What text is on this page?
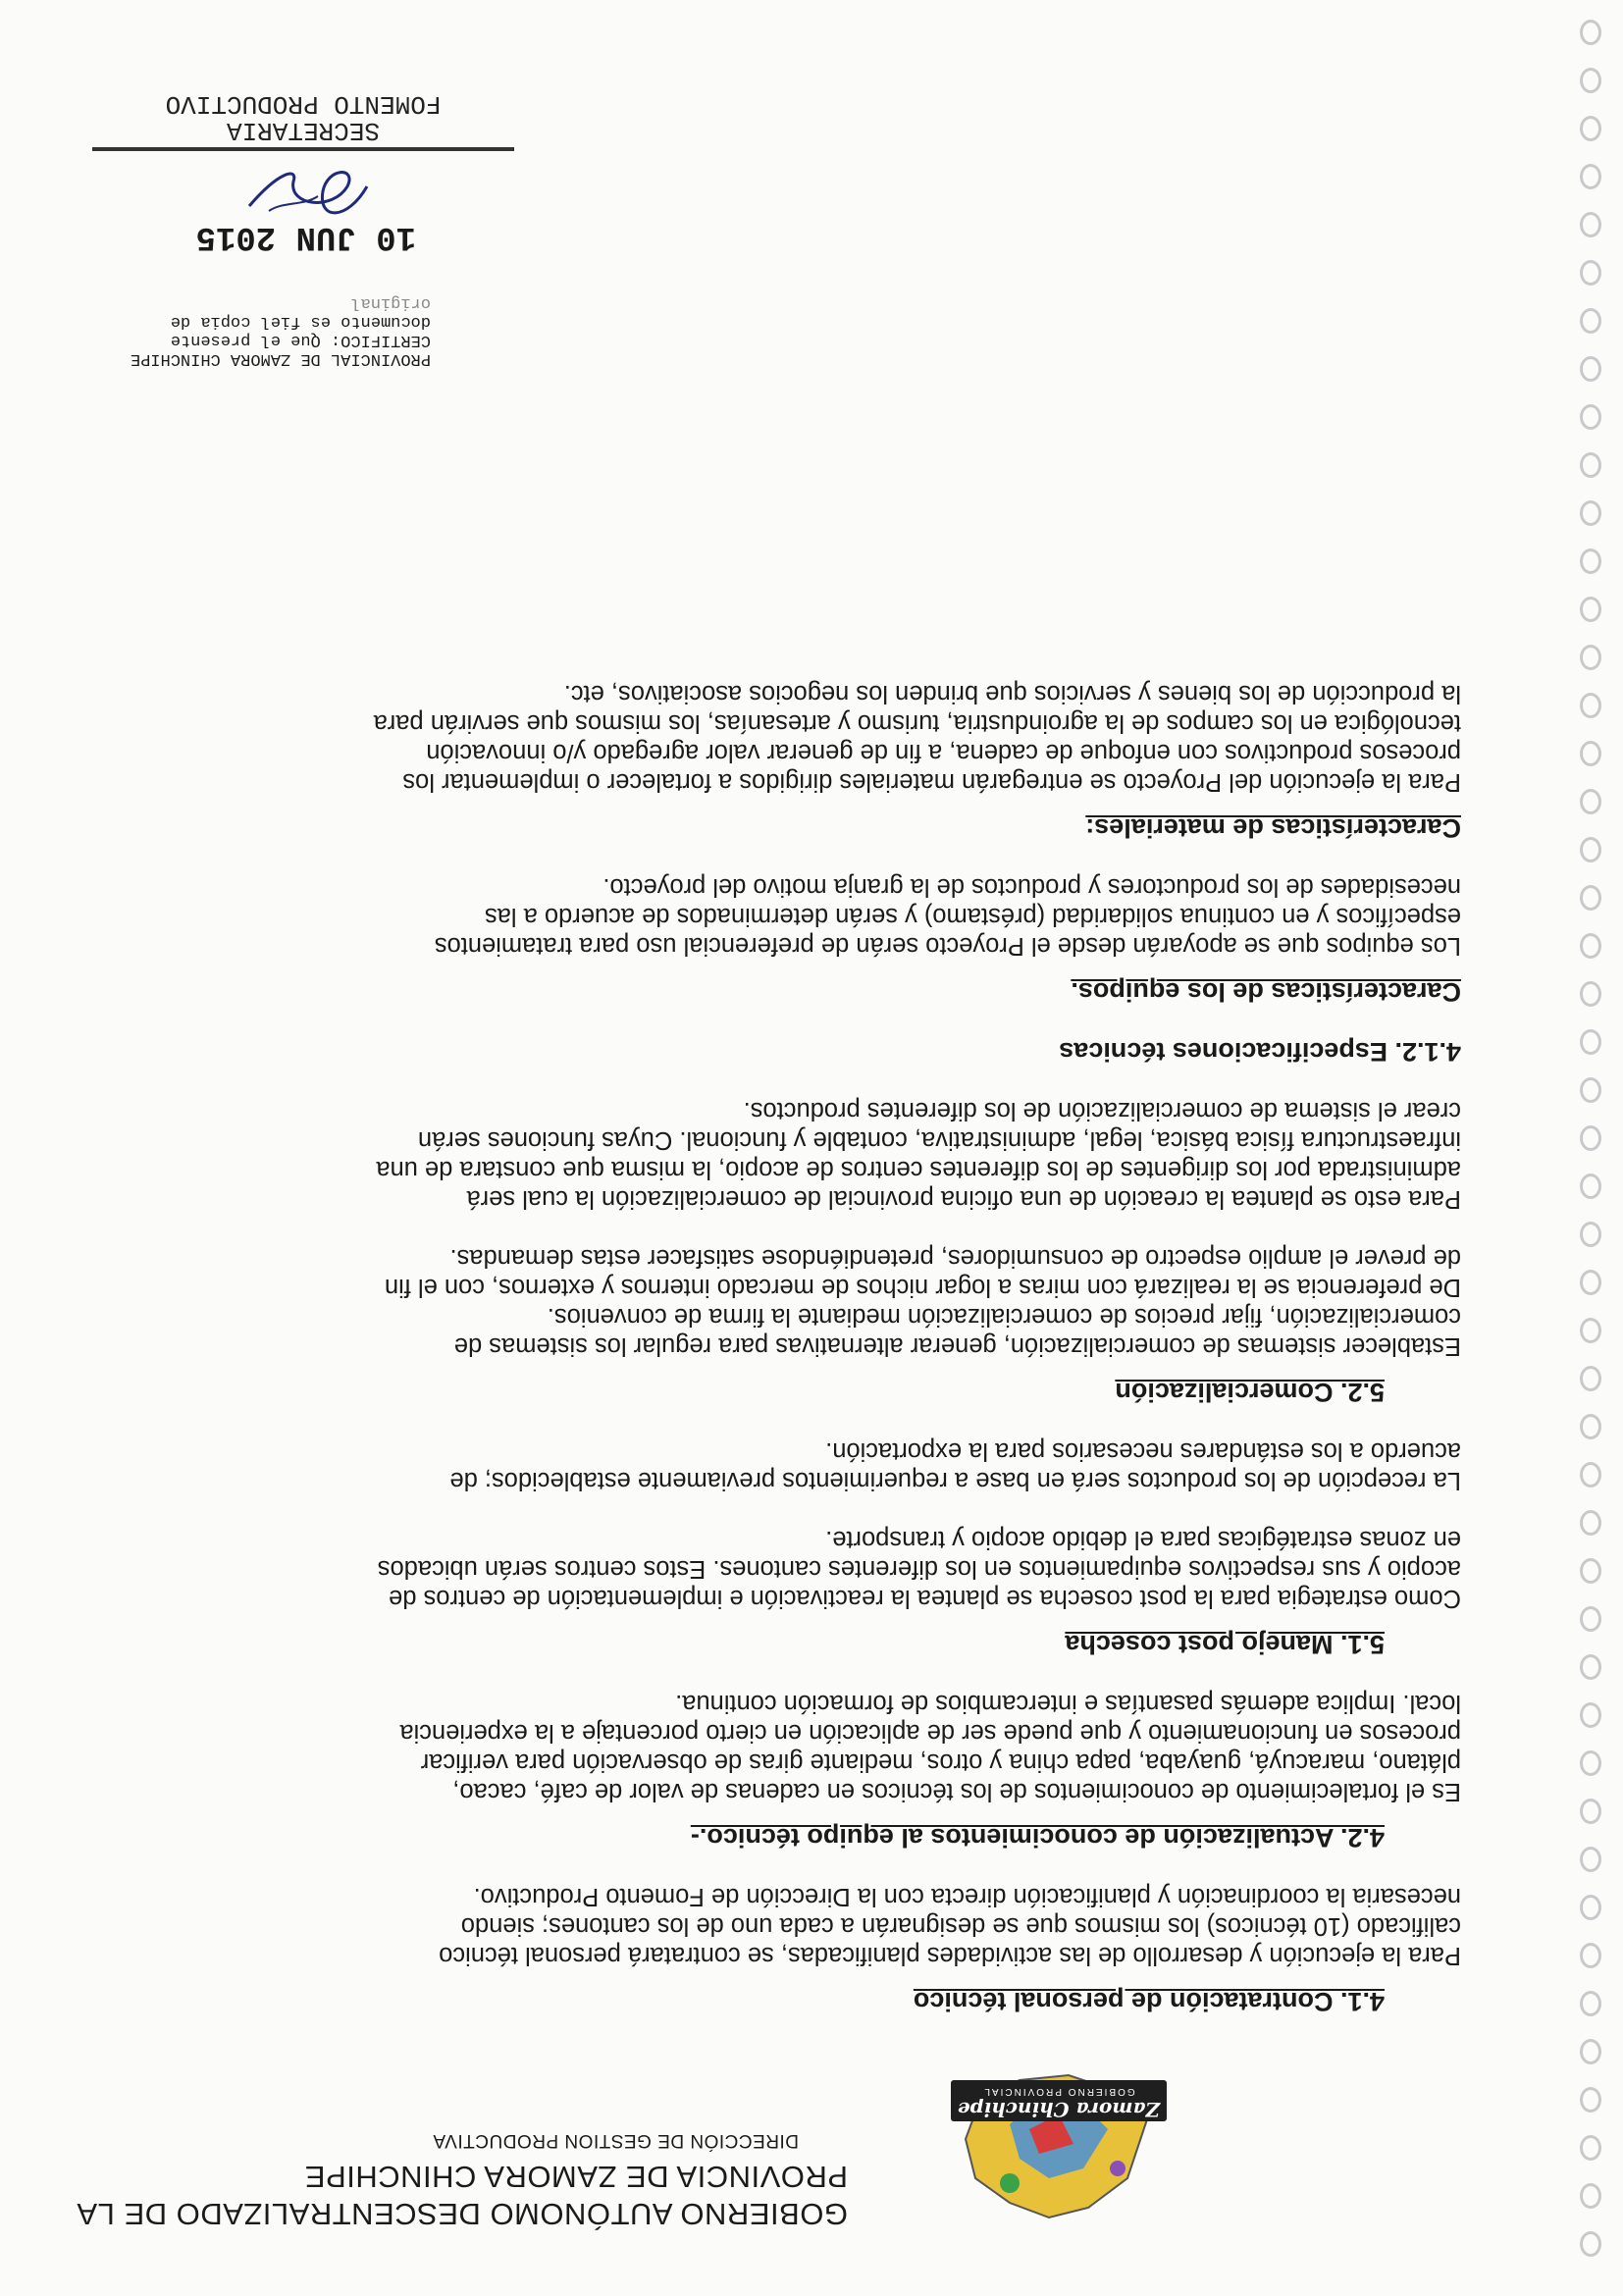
Zamora Chinchipe
GOBIERNO PROVINCIAL
GOBIERNO AUTÓNOMO DESCENTRALIZADO DE LA
PROVINCIA DE ZAMORA CHINCHIPE
DIRECCIÓN DE GESTION PRODUCTIVA
4.1. Contratación de personal técnico
Para la ejecución y desarrollo de las actividades planificadas, se contratará personal técnico
calificado (10 técnicos) los mismos que se designarán a cada uno de los cantones; siendo
necesaria la coordinación y planificación directa con la Dirección de Fomento Productivo.
4.2. Actualización de conocimientos al equipo técnico.-
Es el fortalecimiento de conocimientos de los técnicos en cadenas de valor de café, cacao,
plátano, maracuyá, guayaba, papa china y otros, mediante giras de observación para verificar
procesos en funcionamiento y que puede ser de aplicación en cierto porcentaje a la experiencia
local. Implica además pasantías e intercambios de formación continua.
5.1. Manejo post cosecha
Como estrategia para la post cosecha se plantea la reactivación e implementación de centros de
acopio y sus respectivos equipamientos en los diferentes cantones. Estos centros serán ubicados
en zonas estratégicas para el debido acopio y transporte.
La recepción de los productos será en base a requerimientos previamente establecidos; de
acuerdo a los estándares necesarios para la exportación.
5.2. Comercialización
Establecer sistemas de comercialización, generar alternativas para regular los sistemas de
comercialización, fijar precios de comercialización mediante la firma de convenios.
De preferencia se la realizará con miras a logar nichos de mercado internos y externos, con el fin
de prever el amplio espectro de consumidores, pretendiéndose satisfacer estas demandas.
Para esto se plantea la creación de una oficina provincial de comercialización la cual será
administrada por los dirigentes de los diferentes centros de acopio, la misma que constara de una
infraestructura física básica, legal, administrativa, contable y funcional. Cuyas funciones serán
crear el sistema de comercialización de los diferentes productos.
4.1.2. Especificaciones técnicas
Características de los equipos.
Los equipos que se apoyarán desde el Proyecto serán de preferencial uso para tratamientos
específicos y en continua solidaridad (préstamo) y serán determinados de acuerdo a las
necesidades de los productores y productos de la granja motivo del proyecto.
Características de materiales:
Para la ejecución del Proyecto se entregarán materiales dirigidos a fortalecer o implementar los
procesos productivos con enfoque de cadena, a fin de generar valor agregado y/o innovación
tecnológica en los campos de la agroindustria, turismo y artesanías, los mismos que servirán para
la producción de los bienes y servicios que brinden los negocios asociativos, etc.
PROVINCIAL DE ZAMORA CHINCHIPE
CERTIFICO: Que el presente
documento es fiel copia de
original
10 JUN 2015
SECRETARIA
FOMENTO PRODUCTIVO
